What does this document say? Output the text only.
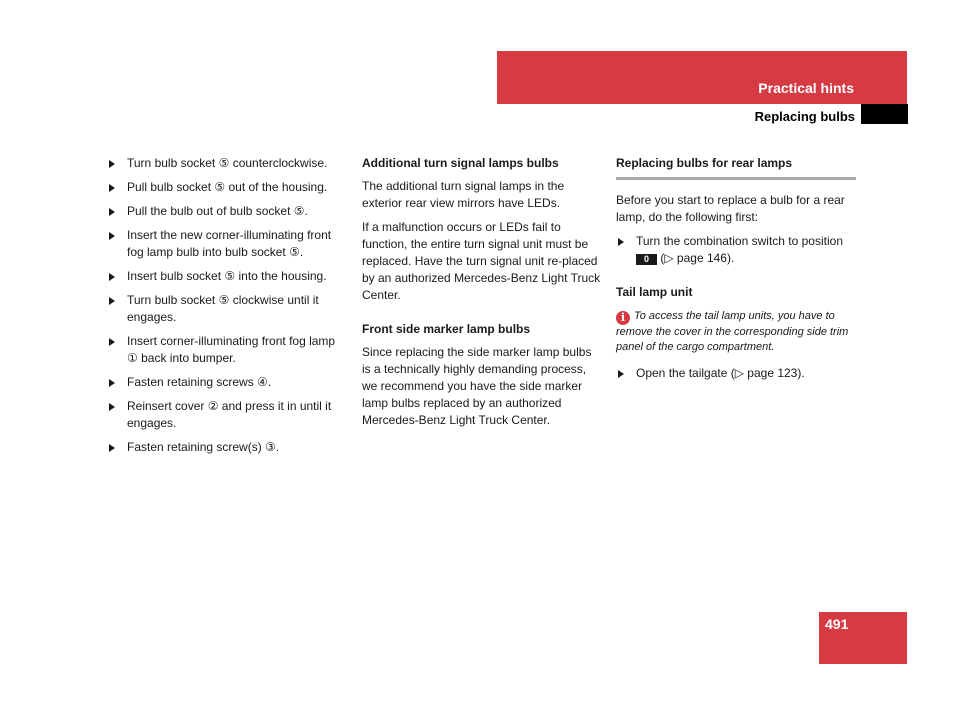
Practical hints
Replacing bulbs
Turn bulb socket ⑤ counterclockwise.
Pull bulb socket ⑤ out of the housing.
Pull the bulb out of bulb socket ⑤.
Insert the new corner-illuminating front fog lamp bulb into bulb socket ⑤.
Insert bulb socket ⑤ into the housing.
Turn bulb socket ⑤ clockwise until it engages.
Insert corner-illuminating front fog lamp ① back into bumper.
Fasten retaining screws ④.
Reinsert cover ② and press it in until it engages.
Fasten retaining screw(s) ③.
Additional turn signal lamps bulbs

The additional turn signal lamps in the exterior rear view mirrors have LEDs.

If a malfunction occurs or LEDs fail to function, the entire turn signal unit must be replaced. Have the turn signal unit re-placed by an authorized Mercedes-Benz Light Truck Center.

Front side marker lamp bulbs

Since replacing the side marker lamp bulbs is a technically highly demanding process, we recommend you have the side marker lamp bulbs replaced by an authorized Mercedes-Benz Light Truck Center.

Replacing bulbs for rear lamps

Before you start to replace a bulb for a rear lamp, do the following first:

Turn the combination switch to position 0 (▷ page 146).
Tail lamp unit
i To access the tail lamp units, you have to remove the cover in the corresponding side trim panel of the cargo compartment.
Open the tailgate (▷ page 123).
491
